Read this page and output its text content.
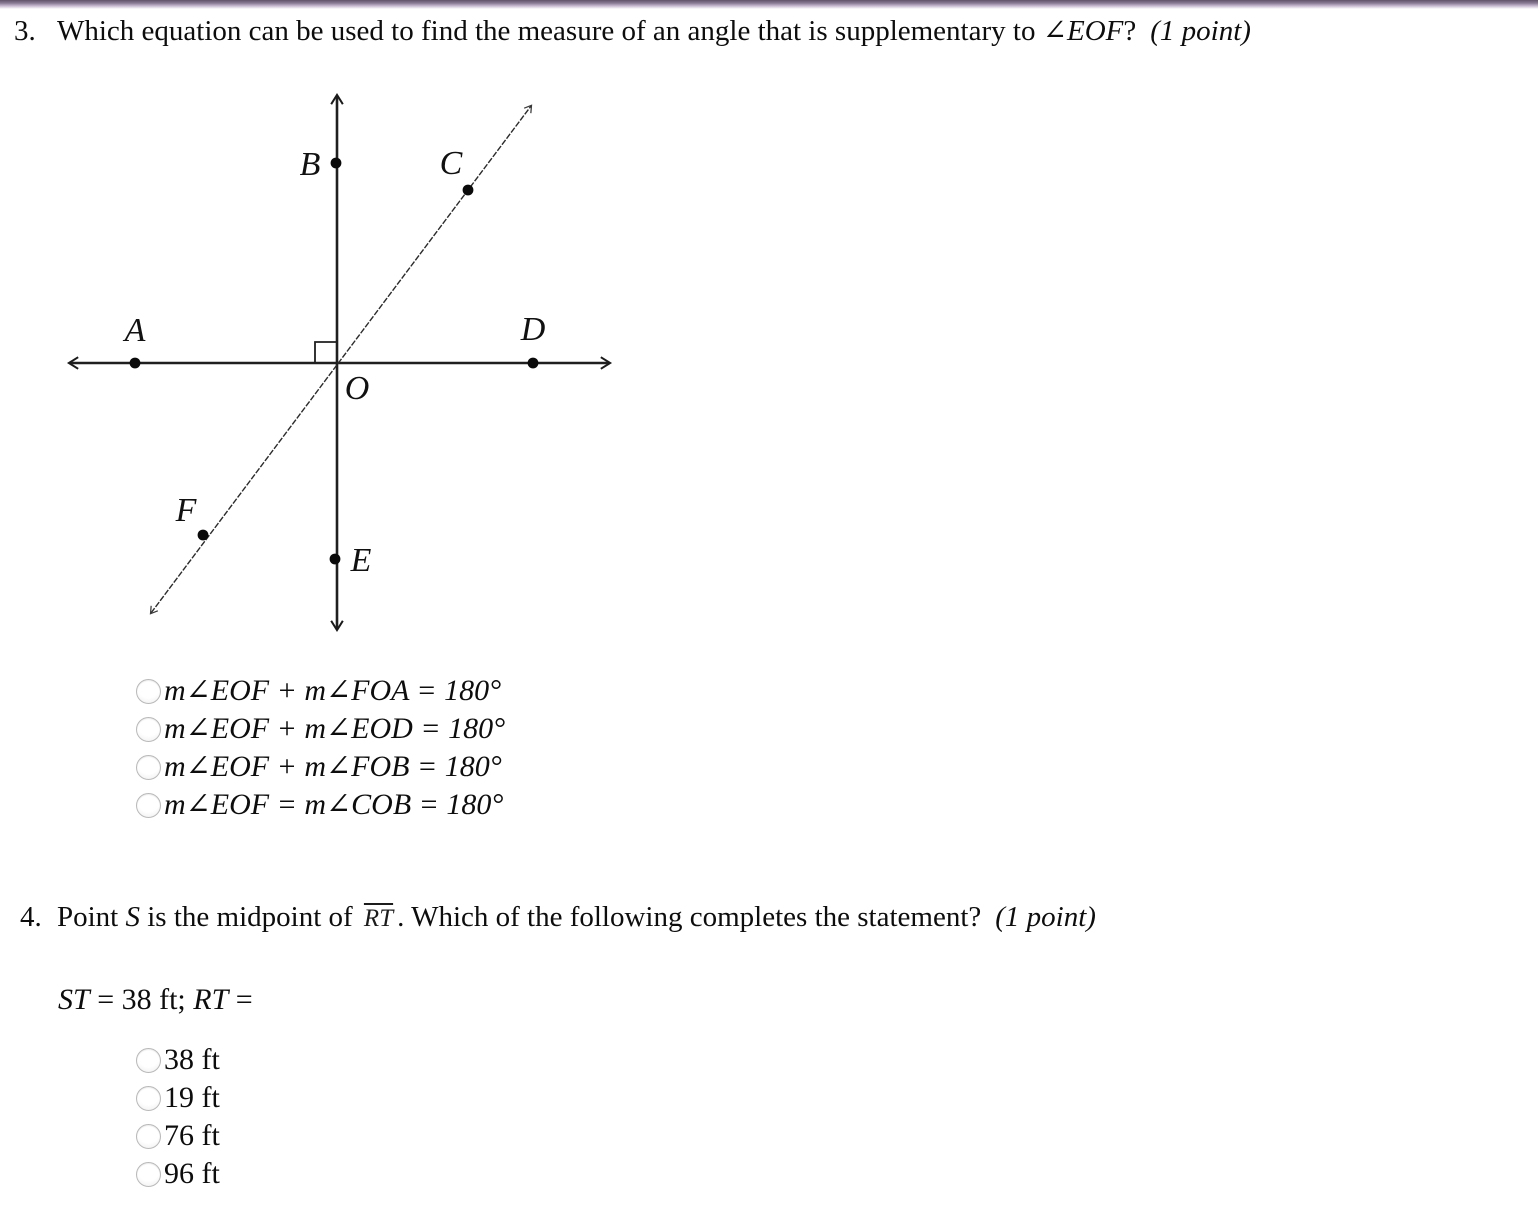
3. Which equation can be used to find the measure of an angle that is supplementary to ∠EOF? (1 point)
A
B	C
D
E
F
O
m∠EOF + m∠FOA = 180°
m∠EOF + m∠EOD = 180°
m∠EOF + m∠FOB = 180°
m∠EOF = m∠COB = 180°
4. Point S is the midpoint of $\overline{RT}$ . Which of the following completes the statement? (1 point)
ST = 38 ft; RT =
38 ft
19 ft
76 ft
96 ft
